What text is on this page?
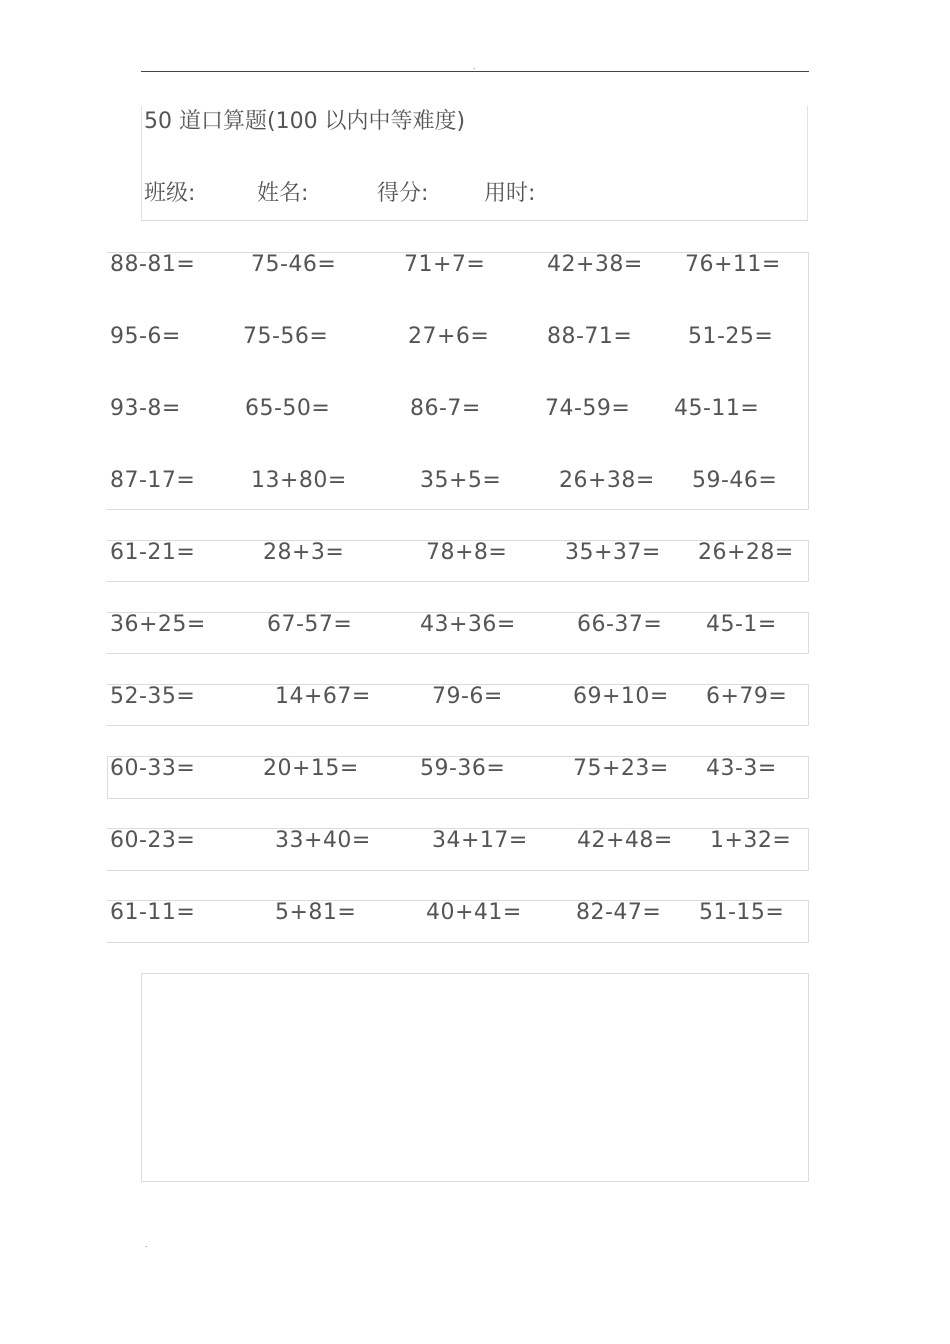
.
.
50 道口算题(100 以内中等难度)
班级:	姓名:	得分:	用时:
88-81=	75-46=	71+7=	42+38= 76+11=
95-6=	75-56=	27+6=	88-71=	51-25=
93-8=	65-50=	86-7=	74-59= 45-11=
87-17=	13+80=	35+5=	26+38= 59-46=
61-21=	28+3=	78+8=	35+37= 26+28=
36+25=	67-57=	43+36=	66-37= 45-1=
52-35=	14+67=	79-6=	69+10= 6+79=
60-33=	20+15=	59-36=	75+23= 43-3=
60-23=	33+40=	34+17= 42+48= 1+32=
61-11=	5+81=	40+41= 82-47= 51-15=
